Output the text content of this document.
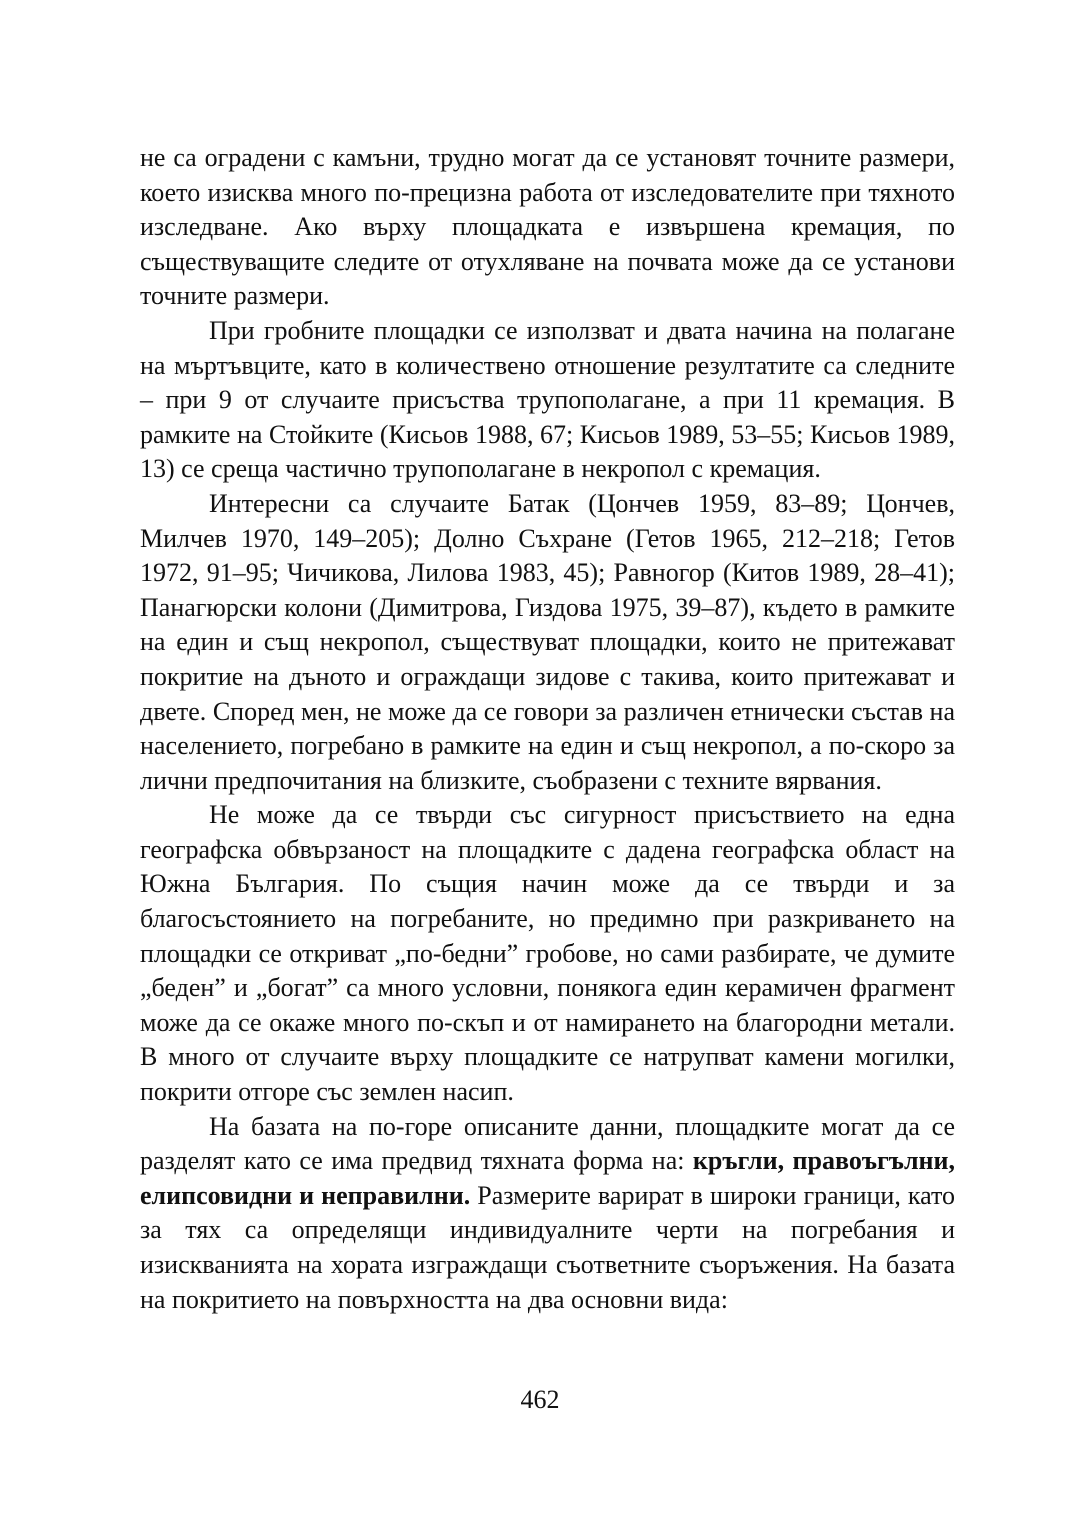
не са оградени с камъни, трудно могат да се установят точните размери, което изисква много по-прецизна работа от изследователите при тяхното изследване. Ако върху площадката е извършена кремация, по съществуващите следите от отухляване на почвата може да се установи точните размери.

При гробните площадки се използват и двата начина на полагане на мъртъвците, като в количествено отношение резултатите са следните – при 9 от случаите присъства трупополагане, а при 11 кремация. В рамките на Стойките (Кисьов 1988, 67; Кисьов 1989, 53–55; Кисьов 1989, 13) се среща частично трупополагане в некропол с кремация.

Интересни са случаите Батак (Цончев 1959, 83–89; Цончев, Милчев 1970, 149–205); Долно Съхране (Гетов 1965, 212–218; Гетов 1972, 91–95; Чичикова, Лилова 1983, 45); Равногор (Китов 1989, 28–41); Панагюрски колони (Димитрова, Гиздова 1975, 39–87), където в рамките на един и същ некропол, съществуват площадки, които не притежават покритие на дъното и ограждащи зидове с такива, които притежават и двете. Според мен, не може да се говори за различен етнически състав на населението, погребано в рамките на един и същ некропол, а по-скоро за лични предпочитания на близките, съобразени с техните вярвания.

Не може да се твърди със сигурност присъствието на една географска обвързаност на площадките с дадена географска област на Южна България. По същия начин може да се твърди и за благосъстоянието на погребаните, но предимно при разкриването на площадки се откриват „по-бедни” гробове, но сами разбирате, че думите „беден” и „богат” са много условни, понякога един керамичен фрагмент може да се окаже много по-скъп и от намирането на благородни метали. В много от случаите върху площадките се натрупват камени могилки, покрити отгоре със землен насип.

На базата на по-горе описаните данни, площадките могат да се разделят като се има предвид тяхната форма на: кръгли, правоъгълни, елипсовидни и неправилни. Размерите варират в широки граници, като за тях са определящи индивидуалните черти на погребания и изискванията на хората изграждащи съответните съоръжения. На базата на покритието на повърхността на два основни вида:

462
